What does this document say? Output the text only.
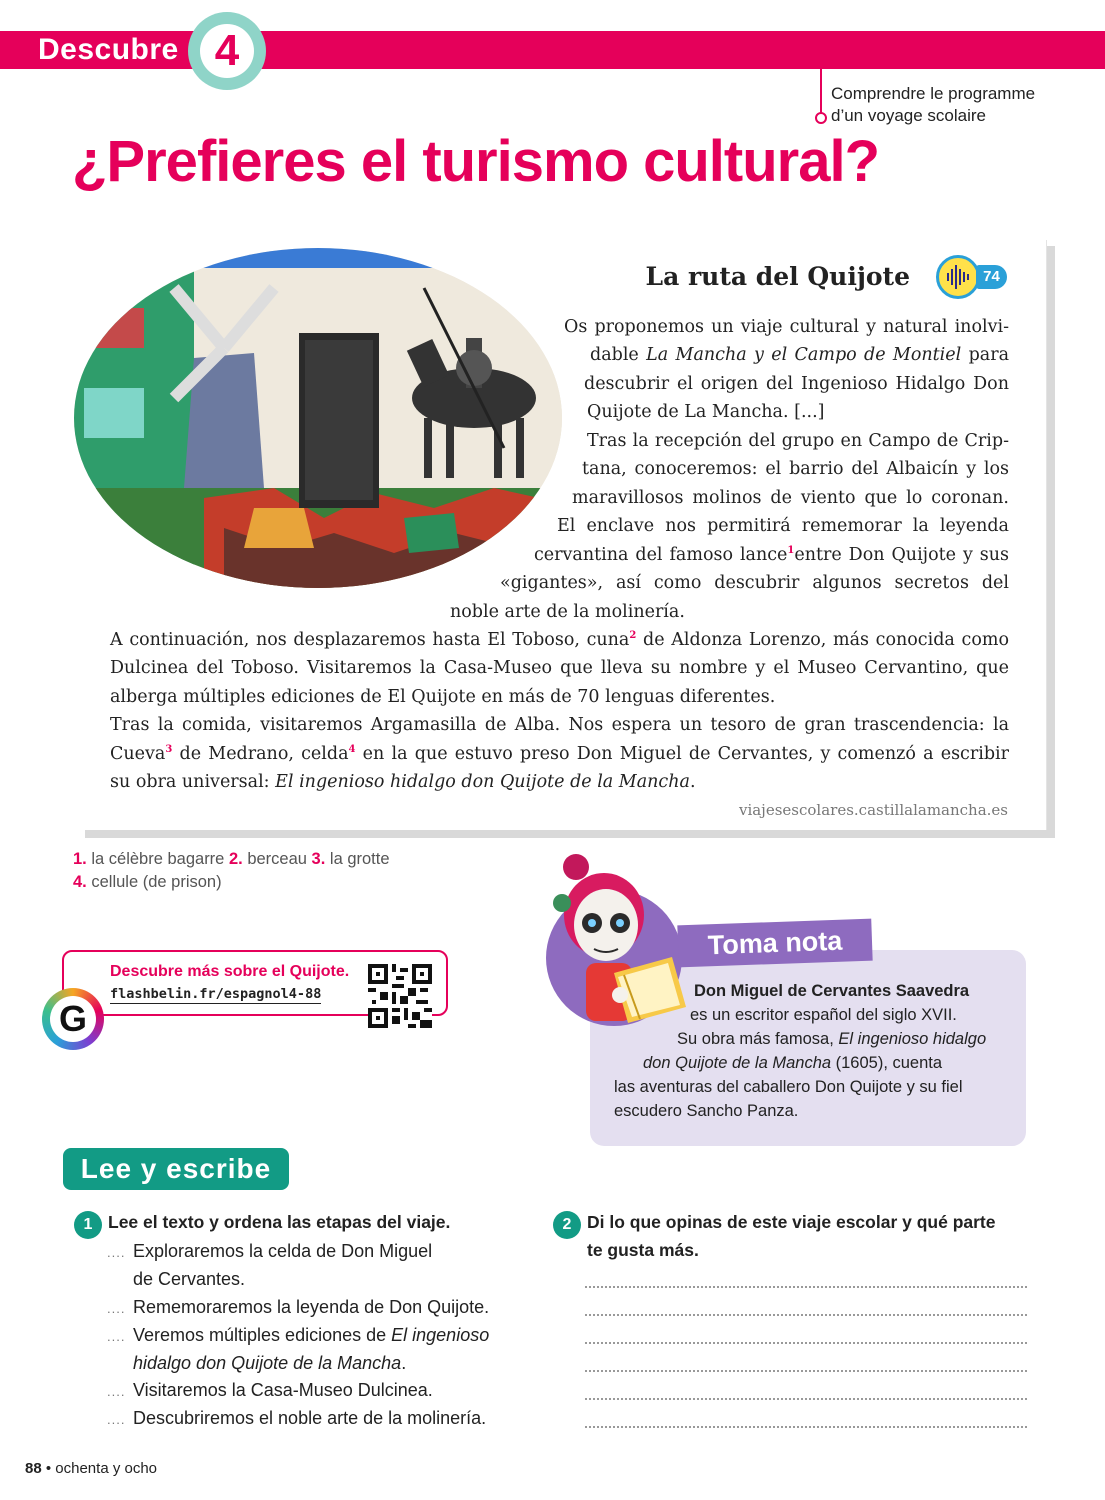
Descubre 4
Comprendre le programme
d’un voyage scolaire
¿Prefieres el turismo cultural?
La ruta del Quijote	74
Os proponemos un viaje cultural y natural inolvi-
dable La Mancha y el Campo de Montiel para
descubrir el origen del Ingenioso Hidalgo Don
Quijote de La Mancha. [...]
Tras la recepción del grupo en Campo de Crip-
tana, conoceremos: el barrio del Albaicín y los
maravillosos molinos de viento que lo coronan.
El enclave nos permitirá rememorar la leyenda
cervantina del famoso lance$^1$entre Don Quijote y sus
«gigantes», así como descubrir algunos secretos del
noble arte de la molinería.
A continuación, nos desplazaremos hasta El Toboso, cuna$^2$ de Aldonza Lorenzo, más conocida como
Dulcinea del Toboso. Visitaremos la Casa-Museo que lleva su nombre y el Museo Cervantino, que
alberga múltiples ediciones de El Quijote en más de 70 lenguas diferentes.
Tras la comida, visitaremos Argamasilla de Alba. Nos espera un tesoro de gran trascendencia: la
Cueva$^3$ de Medrano, celda$^4$ en la que estuvo preso Don Miguel de Cervantes, y comenzó a escribir
su obra universal: El ingenioso hidalgo don Quijote de la Mancha.
viajesescolares.castillalamancha.es
1. la célèbre bagarre 2. berceau 3. la grotte
4. cellule (de prison)
Descubre más sobre el Quijote.
flashbelin.fr/espagnol4-88
G
Toma nota
Don Miguel de Cervantes Saavedra
es un escritor español del siglo XVII.
Su obra más famosa, El ingenioso hidalgo
don Quijote de la Mancha (1605), cuenta
las aventuras del caballero Don Quijote y su fiel
escudero Sancho Panza.
Lee y escribe
1 Lee el texto y ordena las etapas del viaje.
.... Exploraremos la celda de Don Miguel
de Cervantes.
.... Rememoraremos la leyenda de Don Quijote.
.... Veremos múltiples ediciones de El ingenioso
hidalgo don Quijote de la Mancha.
.... Visitaremos la Casa-Museo Dulcinea.
.... Descubriremos el noble arte de la molinería.
2 Di lo que opinas de este viaje escolar y qué parte
te gusta más.
88 • ochenta y ocho
